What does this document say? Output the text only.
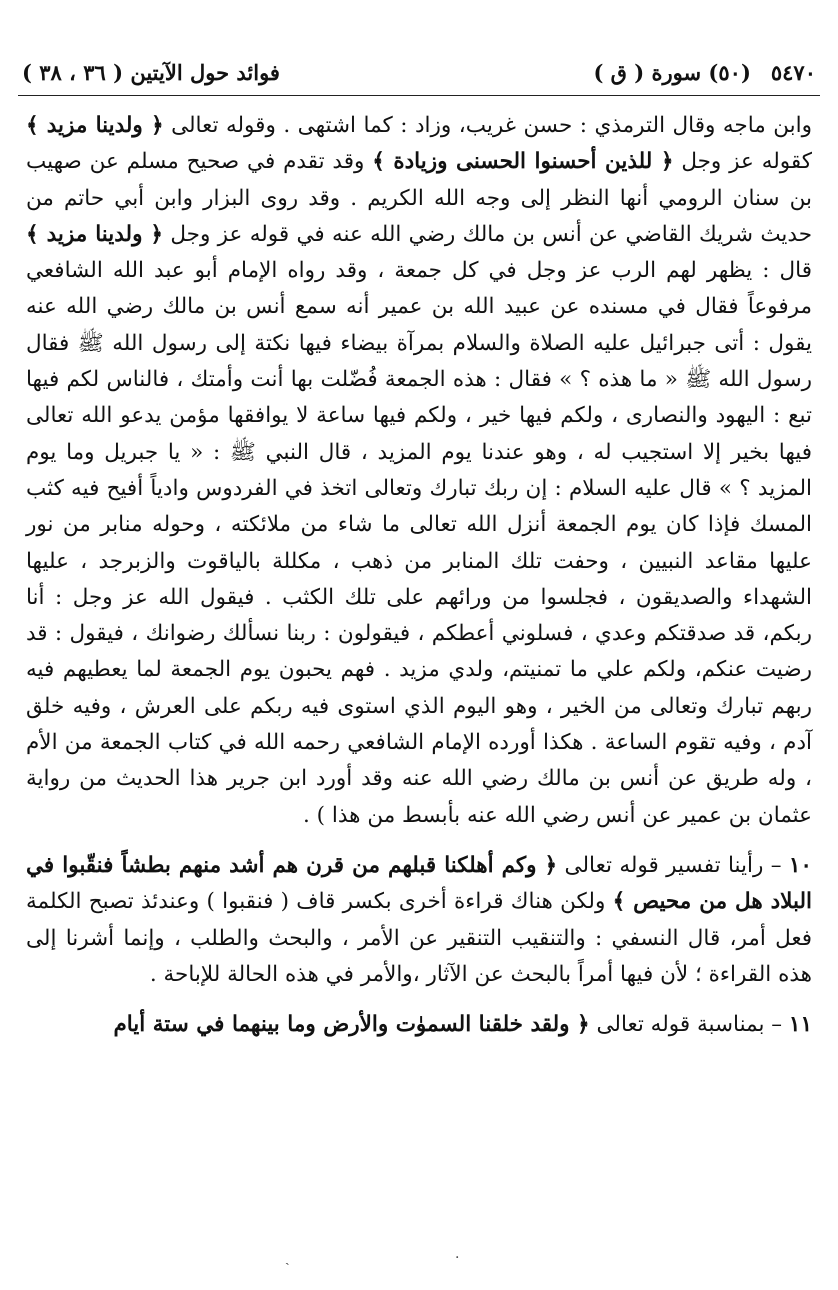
٥٤٧٠
(٥٠) سورة ( ق )
فوائد حول الآيتين ( ٣٦ ، ٣٨ )

وابن ماجه وقال الترمذي : حسن غريب، وزاد : كما اشتهى . وقوله تعالى ﴿ ولدينا مزيد ﴾ كقوله عز وجل ﴿ للذين أحسنوا الحسنى وزيادة ﴾ وقد تقدم في صحيح مسلم عن صهيب بن سنان الرومي أنها النظر إلى وجه الله الكريم . وقد روى البزار وابن أبي حاتم من حديث شريك القاضي عن أنس بن مالك رضي الله عنه في قوله عز وجل ﴿ ولدينا مزيد ﴾ قال : يظهر لهم الرب عز وجل في كل جمعة ، وقد رواه الإمام أبو عبد الله الشافعي مرفوعاً فقال في مسنده عن عبيد الله بن عمير أنه سمع أنس بن مالك رضي الله عنه يقول : أتى جبرائيل عليه الصلاة والسلام بمرآة بيضاء فيها نكتة إلى رسول الله ﷺ فقال رسول الله ﷺ « ما هذه ؟ » فقال : هذه الجمعة فُضّلت بها أنت وأمتك ، فالناس لكم فيها تبع : اليهود والنصارى ، ولكم فيها خير ، ولكم فيها ساعة لا يوافقها مؤمن يدعو الله تعالى فيها بخير إلا استجيب له ، وهو عندنا يوم المزيد ، قال النبي ﷺ : « يا جبريل وما يوم المزيد ؟ » قال عليه السلام : إن ربك تبارك وتعالى اتخذ في الفردوس وادياً أفيح فيه كثب المسك فإذا كان يوم الجمعة أنزل الله تعالى ما شاء من ملائكته ، وحوله منابر من نور عليها مقاعد النبيين ، وحفت تلك المنابر من ذهب ، مكللة بالياقوت والزبرجد ، عليها الشهداء والصديقون ، فجلسوا من ورائهم على تلك الكثب . فيقول الله عز وجل : أنا ربكم، قد صدقتكم وعدي ، فسلوني أعطكم ، فيقولون : ربنا نسألك رضوانك ، فيقول : قد رضيت عنكم، ولكم علي ما تمنيتم، ولدي مزيد . فهم يحبون يوم الجمعة لما يعطيهم فيه ربهم تبارك وتعالى من الخير ، وهو اليوم الذي استوى فيه ربكم على العرش ، وفيه خلق آدم ، وفيه تقوم الساعة . هكذا أورده الإمام الشافعي رحمه الله في كتاب الجمعة من الأم ، وله طريق عن أنس بن مالك رضي الله عنه وقد أورد ابن جرير هذا الحديث من رواية عثمان بن عمير عن أنس رضي الله عنه بأبسط من هذا ) .

١٠ – رأينا تفسير قوله تعالى ﴿ وكم أهلكنا قبلهم من قرن هم أشد منهم بطشاً فنقّبوا في البلاد هل من محيص ﴾ ولكن هناك قراءة أخرى بكسر قاف ( فنقبوا ) وعندئذ تصبح الكلمة فعل أمر، قال النسفي : والتنقيب التنقير عن الأمر ، والبحث والطلب ، وإنما أشرنا إلى هذه القراءة ؛ لأن فيها أمراً بالبحث عن الآثار ،والأمر في هذه الحالة للإباحة .

١١ – بمناسبة قوله تعالى ﴿ ولقد خلقنا السموٰت والأرض وما بينهما في ستة أيام

ˎ	·
